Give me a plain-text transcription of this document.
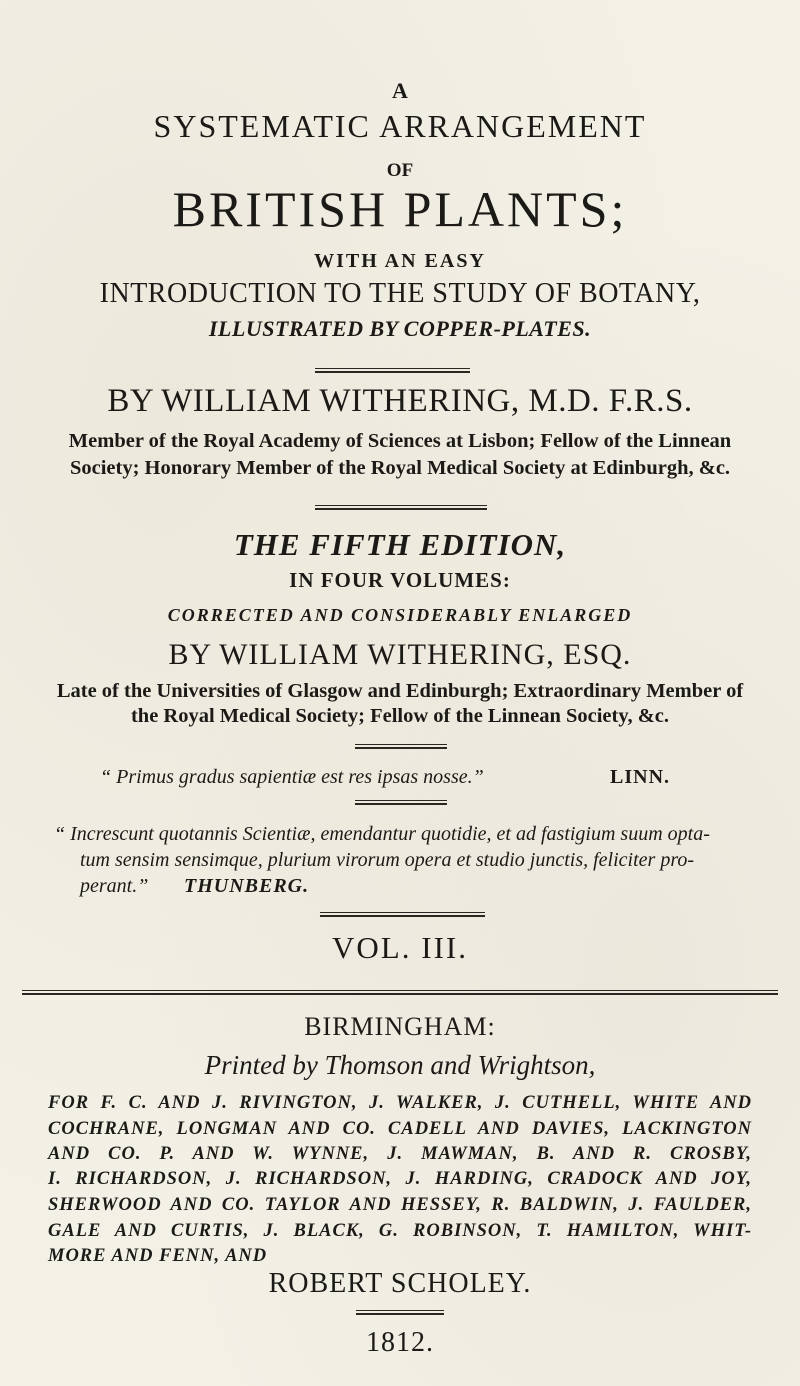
A

SYSTEMATIC ARRANGEMENT

OF

BRITISH PLANTS;

WITH AN EASY

INTRODUCTION TO THE STUDY OF BOTANY,

ILLUSTRATED BY COPPER-PLATES.

BY WILLIAM WITHERING, M.D. F.R.S.

Member of the Royal Academy of Sciences at Lisbon; Fellow of the Linnean

Society; Honorary Member of the Royal Medical Society at Edinburgh, &c.

THE FIFTH EDITION,

IN FOUR VOLUMES:

CORRECTED AND CONSIDERABLY ENLARGED

BY WILLIAM WITHERING, ESQ.

Late of the Universities of Glasgow and Edinburgh; Extraordinary Member of

the Royal Medical Society; Fellow of the Linnean Society, &c.

“ Primus gradus sapientiæ est res ipsas nosse.”	LINN.

“ Increscunt quotannis Scientiæ, emendantur quotidie, et ad fastigium suum opta-

tum sensim sensimque, plurium virorum opera et studio junctis, feliciter pro-

perant.” THUNBERG.

VOL. III.

BIRMINGHAM:

Printed by Thomson and Wrightson,

FOR F. C. AND J. RIVINGTON, J. WALKER, J. CUTHELL, WHITE AND

COCHRANE, LONGMAN AND CO. CADELL AND DAVIES, LACKINGTON

AND CO. P. AND W. WYNNE, J. MAWMAN, B. AND R. CROSBY,

I. RICHARDSON, J. RICHARDSON, J. HARDING, CRADOCK AND JOY,

SHERWOOD AND CO. TAYLOR AND HESSEY, R. BALDWIN, J. FAULDER,

GALE AND CURTIS, J. BLACK, G. ROBINSON, T. HAMILTON, WHIT-

MORE AND FENN, AND

ROBERT SCHOLEY.

1812.
